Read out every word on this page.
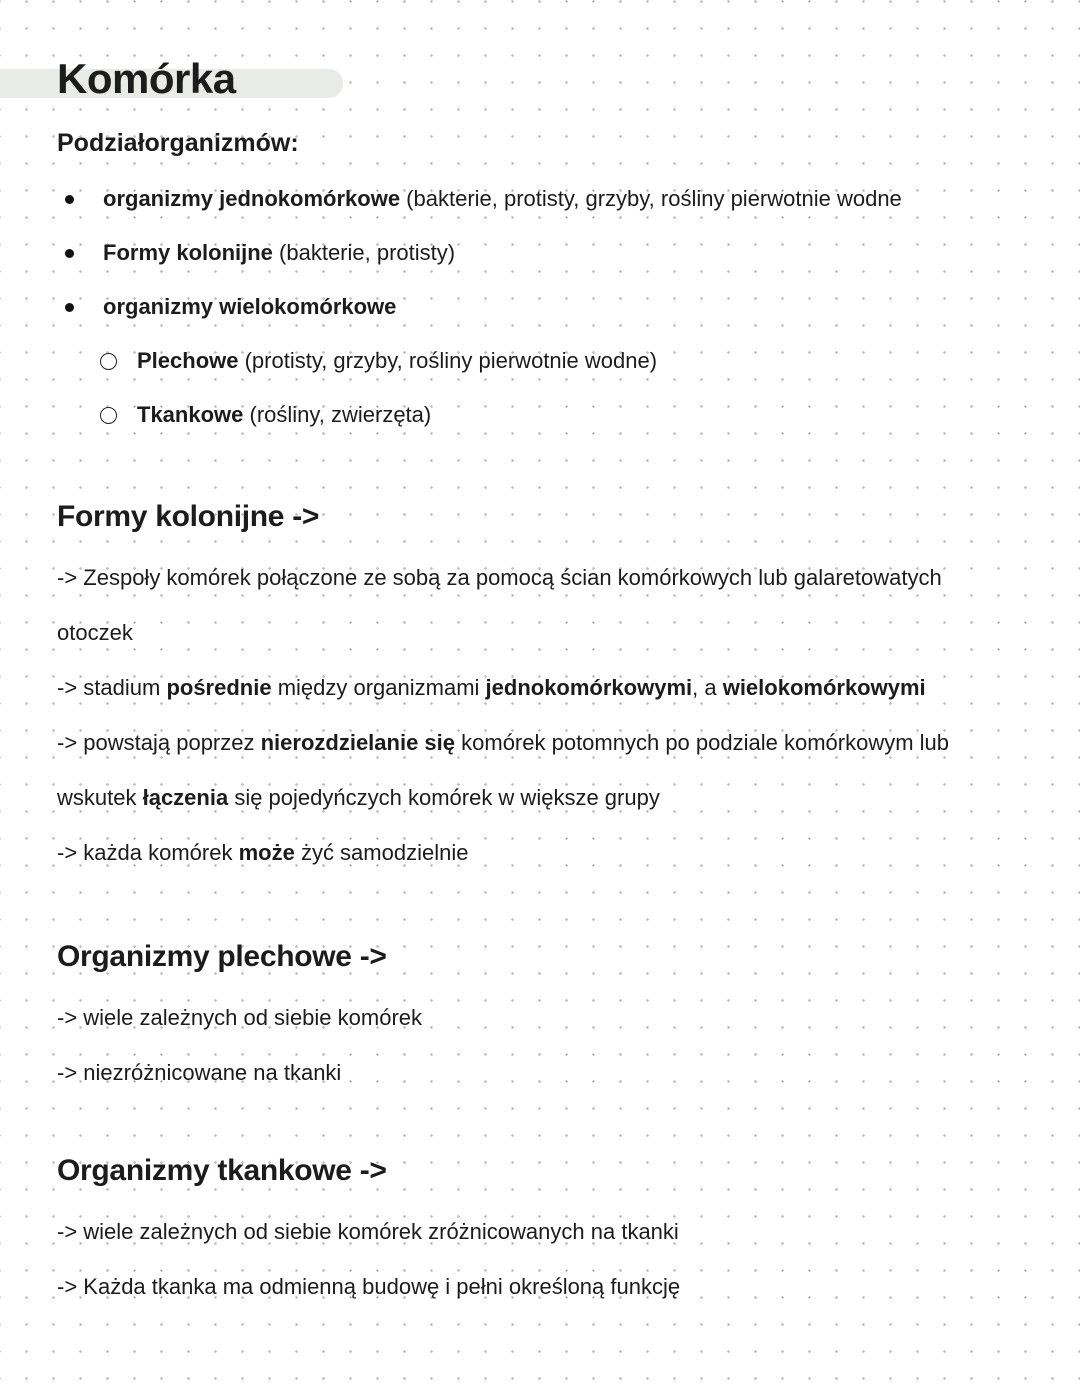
Komórka
Podziałorganizmów:
organizmy jednokomórkowe (bakterie, protisty, grzyby, rośliny pierwotnie wodne
Formy kolonijne (bakterie, protisty)
organizmy wielokomórkowe
Plechowe (protisty, grzyby, rośliny pierwotnie wodne)
Tkankowe (rośliny, zwierzęta)
Formy kolonijne ->
-> Zespoły komórek połączone ze sobą za pomocą ścian komórkowych lub galaretowatych
otoczek
-> stadium pośrednie między organizmami jednokomórkowymi, a wielokomórkowymi
-> powstają poprzez nierozdzielanie się komórek potomnych po podziale komórkowym lub
wskutek łączenia się pojedyńczych komórek w większe grupy
-> każda komórek może żyć samodzielnie
Organizmy plechowe ->
-> wiele zależnych od siebie komórek
-> niezróżnicowane na tkanki
Organizmy tkankowe ->
-> wiele zależnych od siebie komórek zróżnicowanych na tkanki
-> Każda tkanka ma odmienną budowę i pełni określoną funkcję
